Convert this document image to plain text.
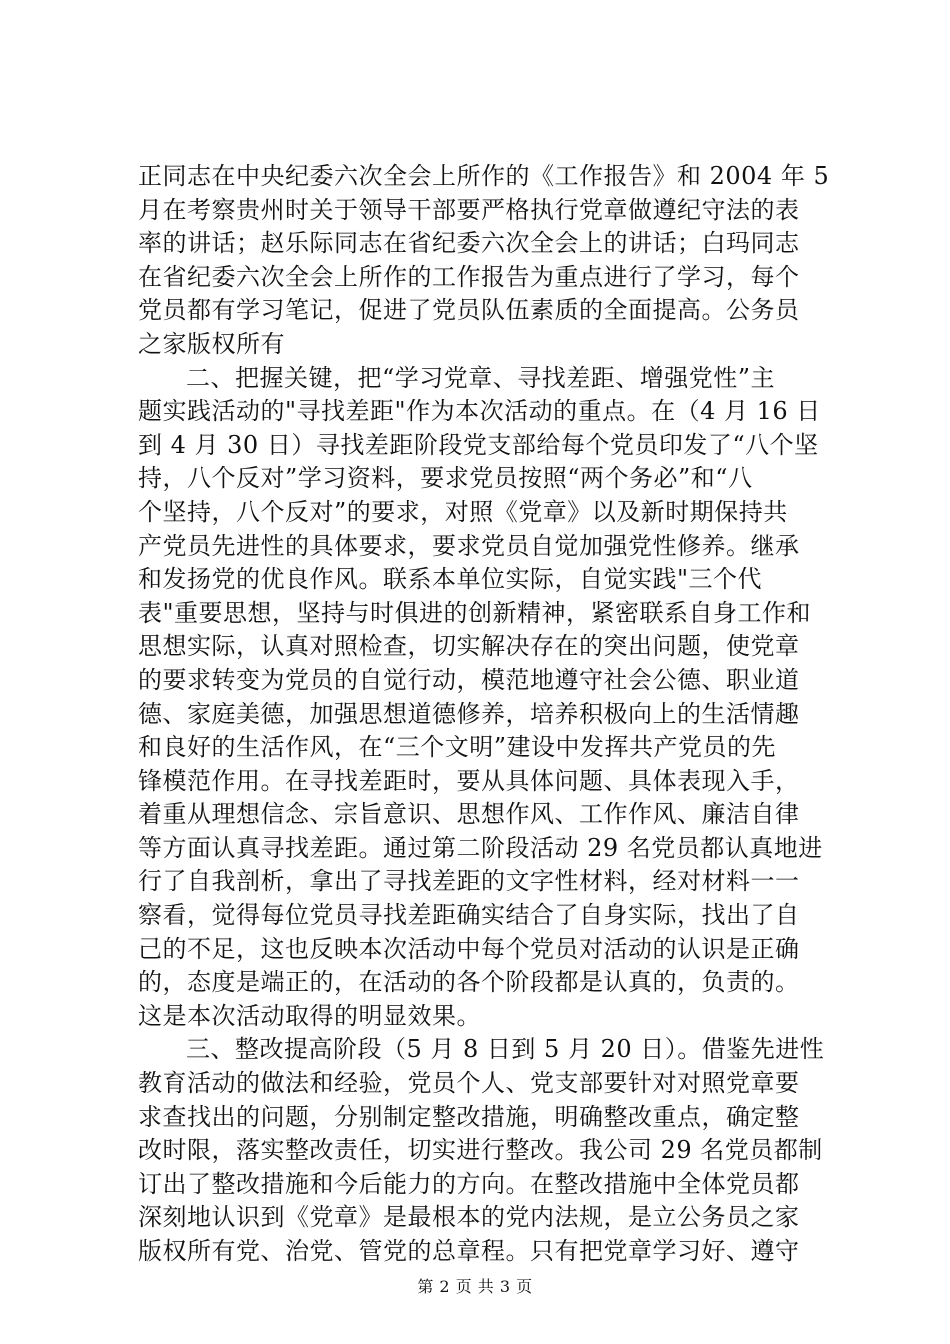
正同志在中央纪委六次全会上所作的《工作报告》和 2004 年 5
月在考察贵州时关于领导干部要严格执行党章做遵纪守法的表
率的讲话；赵乐际同志在省纪委六次全会上的讲话；白玛同志
在省纪委六次全会上所作的工作报告为重点进行了学习，每个
党员都有学习笔记，促进了党员队伍素质的全面提高。公务员
之家版权所有
二、把握关键，把“学习党章、寻找差距、增强党性”主
题实践活动的"寻找差距"作为本次活动的重点。在（4 月 16 日
到 4 月 30 日）寻找差距阶段党支部给每个党员印发了“八个坚
持，八个反对”学习资料，要求党员按照“两个务必”和“八
个坚持，八个反对”的要求，对照《党章》以及新时期保持共
产党员先进性的具体要求，要求党员自觉加强党性修养。继承
和发扬党的优良作风。联系本单位实际，自觉实践"三个代
表"重要思想，坚持与时俱进的创新精神，紧密联系自身工作和
思想实际，认真对照检查，切实解决存在的突出问题，使党章
的要求转变为党员的自觉行动，模范地遵守社会公德、职业道
德、家庭美德，加强思想道德修养，培养积极向上的生活情趣
和良好的生活作风，在“三个文明”建设中发挥共产党员的先
锋模范作用。在寻找差距时，要从具体问题、具体表现入手，
着重从理想信念、宗旨意识、思想作风、工作作风、廉洁自律
等方面认真寻找差距。通过第二阶段活动 29 名党员都认真地进
行了自我剖析，拿出了寻找差距的文字性材料，经对材料一一
察看，觉得每位党员寻找差距确实结合了自身实际，找出了自
己的不足，这也反映本次活动中每个党员对活动的认识是正确
的，态度是端正的，在活动的各个阶段都是认真的，负责的。
这是本次活动取得的明显效果。
三、整改提高阶段（5 月 8 日到 5 月 20 日）。借鉴先进性
教育活动的做法和经验，党员个人、党支部要针对对照党章要
求查找出的问题，分别制定整改措施，明确整改重点，确定整
改时限，落实整改责任，切实进行整改。我公司 29 名党员都制
订出了整改措施和今后能力的方向。在整改措施中全体党员都
深刻地认识到《党章》是最根本的党内法规，是立公务员之家
版权所有党、治党、管党的总章程。只有把党章学习好、遵守
第 2 页 共 3 页
